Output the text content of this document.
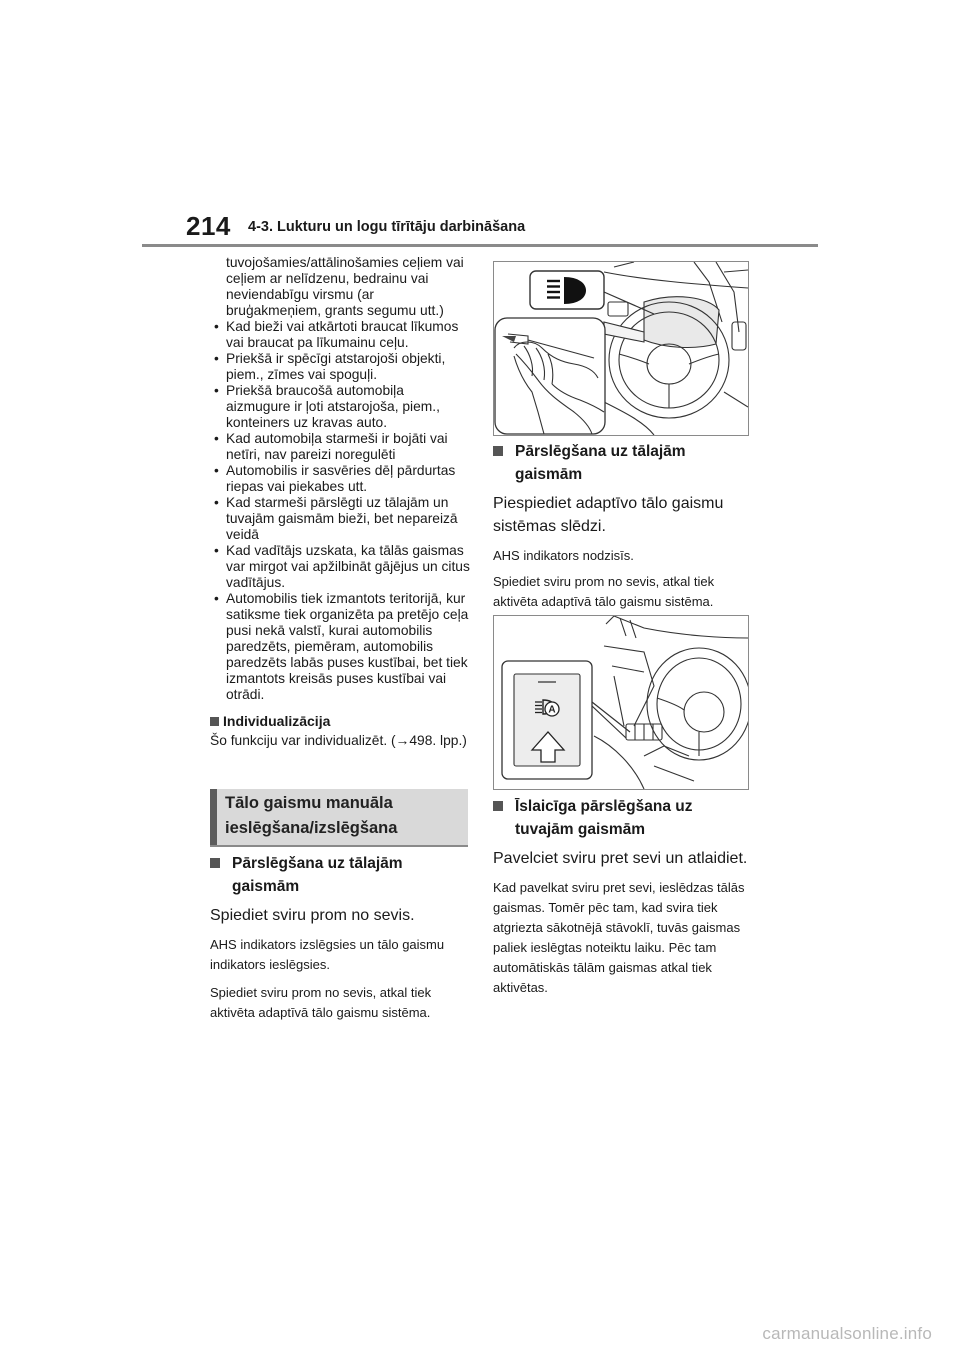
214 4-3. Lukturu un logu tīrītāju darbināšana
tuvojošamies/attālinošamies ceļiem vai ceļiem ar nelīdzenu, bedrainu vai neviendabīgu virsmu (ar bruģakmeņiem, grants segumu utt.)
• Kad bieži vai atkārtoti braucat līkumos vai braucat pa līkumainu ceļu.
• Priekšā ir spēcīgi atstarojoši objekti, piem., zīmes vai spoguļi.
• Priekšā braucošā automobiļa aizmugure ir ļoti atstarojoša, piem., konteiners uz kravas auto.
• Kad automobiļa starmeši ir bojāti vai netīri, nav pareizi noregulēti
• Automobilis ir sasvēries dēļ pārdurtas riepas vai piekabes utt.
• Kad starmeši pārslēgti uz tālajām un tuvajām gaismām bieži, bet nepareizā veidā
• Kad vadītājs uzskata, ka tālās gaismas var mirgot vai apžilbināt gājējus un citus vadītājus.
• Automobilis tiek izmantots teritorijā, kur satiksme tiek organizēta pa pretējo ceļa pusi nekā valstī, kurai automobilis paredzēts, piemēram, automobilis paredzēts labās puses kustībai, bet tiek izmantots kreisās puses kustībai vai otrādi.
Individualizācija
Šo funkciju var individualizēt. (→498. lpp.)
Tālo gaismu manuāla ieslēgšana/izslēgšana
Pārslēgšana uz tālajām gaismām
Spiediet sviru prom no sevis.
AHS indikators izslēgsies un tālo gaismu indikators ieslēgsies.
Spiediet sviru prom no sevis, atkal tiek aktivēta adaptīvā tālo gaismu sistēma.
Pārslēgšana uz tālajām gaismām
Piespiediet adaptīvo tālo gaismu sistēmas slēdzi.
AHS indikators nodzisīs.
Spiediet sviru prom no sevis, atkal tiek aktivēta adaptīvā tālo gaismu sistēma.
A
Īslaicīga pārslēgšana uz tuvajām gaismām
Pavelciet sviru pret sevi un atlaidiet.
Kad pavelkat sviru pret sevi, ieslēdzas tālās gaismas. Tomēr pēc tam, kad svira tiek atgriezta sākotnējā stāvoklī, tuvās gaismas paliek ieslēgtas noteiktu laiku. Pēc tam automātiskās tālām gaismas atkal tiek aktivētas.
carmanualsonline.info
